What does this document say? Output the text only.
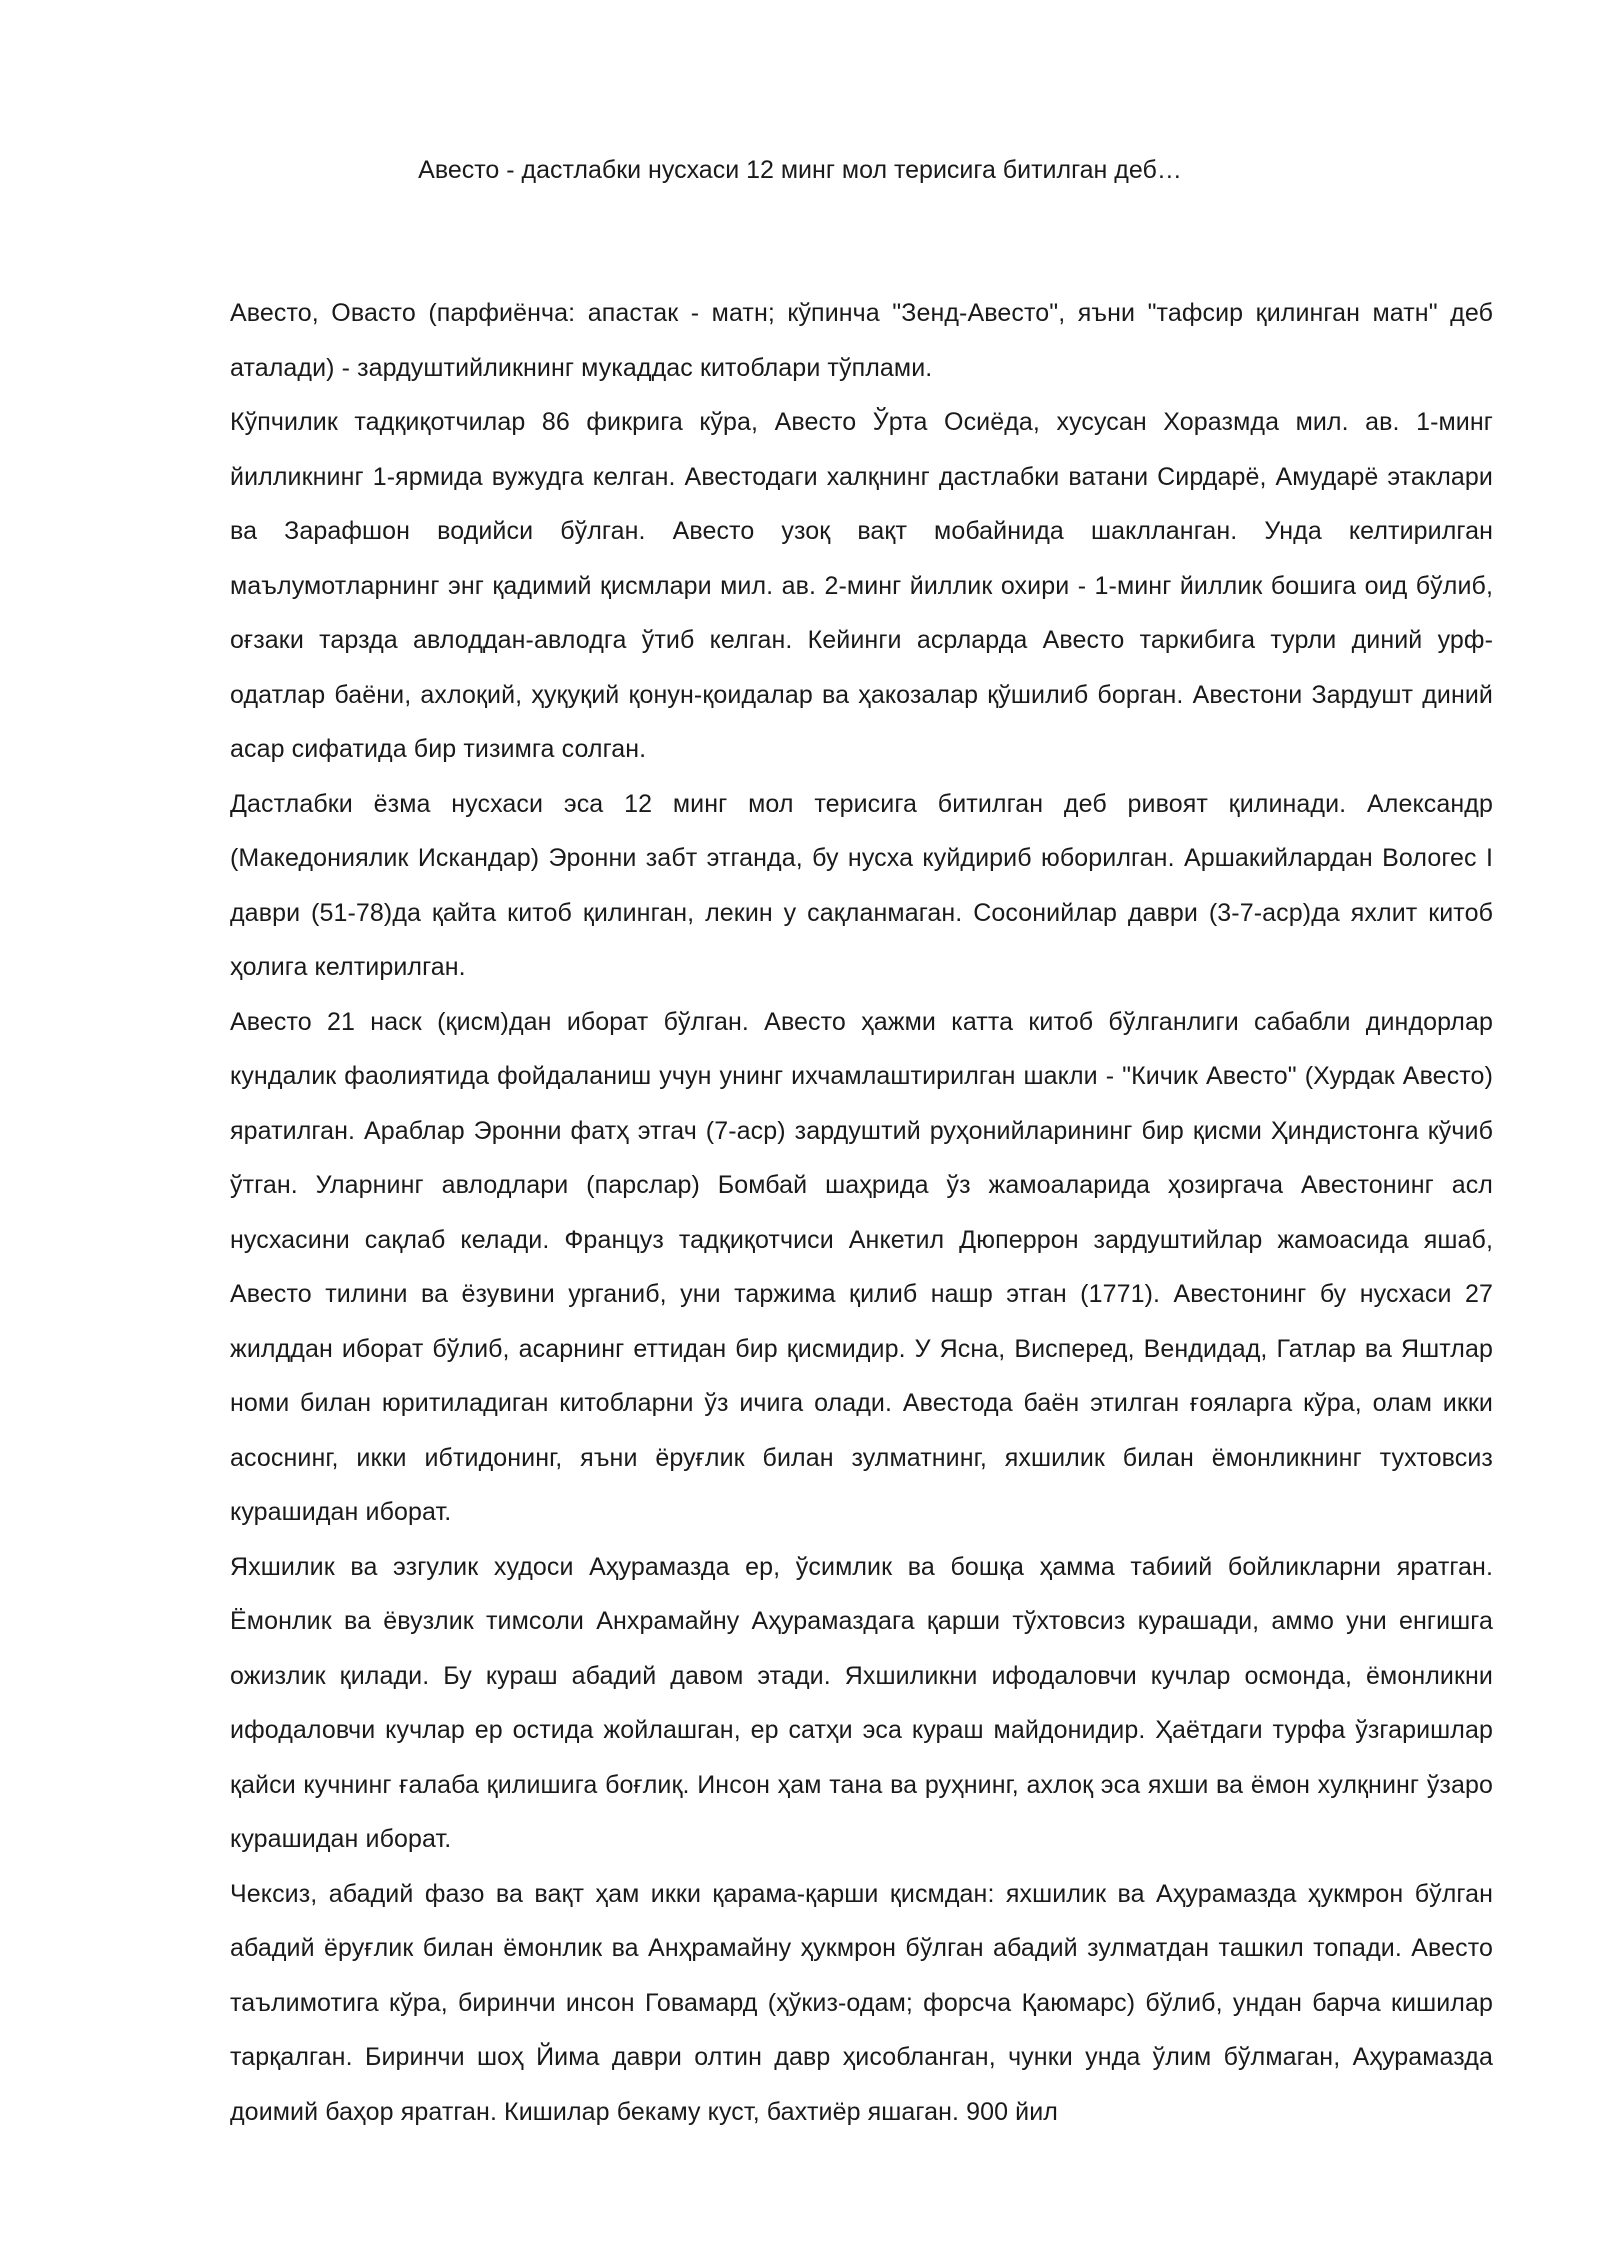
Авесто - дастлабки нусхаси 12 минг мол терисига битилган деб…

Авесто, Оваcто (парфиёнча: апастак - матн; кўпинча "Зенд-Авесто", яъни "тафсир қилинган матн" деб аталади) - зардуштийликнинг мукаддас китоблари тўплами.

Кўпчилик тадқиқотчилар 86 фикрига кўра, Авесто Ўрта Осиёда, хусусан Хоразмда мил. ав. 1-минг йилликнинг 1-ярмида вужудга келган. Авестодаги халқнинг дастлабки ватани Сирдарё, Амударё этаклари ва Зарафшон водийси бўлган. Авесто узоқ вақт мобайнида шаклланган. Унда келтирилган маълумотларнинг энг қадимий қисмлари мил. ав. 2-минг йиллик охири - 1-минг йиллик бошига оид бўлиб, оғзаки тарзда авлоддан-авлодга ўтиб келган. Кейинги асрларда Авесто таркибига турли диний урф-одатлар баёни, ахлоқий, ҳуқуқий қонун-қоидалар ва ҳакозалар қўшилиб борган. Авестони Зардушт диний асар сифатида бир тизимга солган.

Дастлабки ёзма нусхаси эса 12 минг мол терисига битилган деб ривоят қилинади. Александр (Македониялик Искандар) Эронни забт этганда, бу нусха куйдириб юборилган. Аршакийлардан Вологес I даври (51-78)да қайта китоб қилинган, лекин у сақланмаган. Сосонийлар даври (3-7-аср)да яхлит китоб ҳолига келтирилган.

Авесто 21 наск (қисм)дан иборат бўлган. Авесто ҳажми катта китоб бўлганлиги сабабли диндорлар кундалик фаолиятида фойдаланиш учун унинг ихчамлаштирилган шакли - "Кичик Авесто" (Хурдак Авесто) яратилган. Араблар Эронни фатҳ этгач (7-аср) зардуштий руҳонийларининг бир қисми Ҳиндистонга кўчиб ўтган. Уларнинг авлодлари (парслар) Бомбай шаҳрида ўз жамоаларида ҳозиргача Авестонинг асл нусхасини сақлаб келади. Француз тадқиқотчиси Анкетил Дюперрон зардуштийлар жамоасида яшаб, Авесто тилини ва ёзувини урганиб, уни таржима қилиб нашр этган (1771). Авестонинг бу нусхаси 27 жилддан иборат бўлиб, асарнинг еттидан бир қисмидир. У Ясна, Висперед, Вендидад, Гатлар ва Яштлар номи билан юритиладиган китобларни ўз ичига олади. Авестода баён этилган ғояларга кўра, олам икки асоснинг, икки ибтидонинг, яъни ёруғлик билан зулматнинг, яхшилик билан ёмонликнинг тухтовсиз курашидан иборат.

Яхшилик ва эзгулик худоси Аҳурамазда ер, ўсимлик ва бошқа ҳамма табиий бойликларни яратган. Ёмонлик ва ёвузлик тимсоли Анхрамайну Аҳурамаздага қарши тўхтовсиз курашади, аммо уни енгишга ожизлик қилади. Бу кураш абадий давом этади. Яхшиликни ифодаловчи кучлар осмонда, ёмонликни ифодаловчи кучлар ер остида жойлашган, ер сатҳи эса кураш майдонидир. Ҳаётдаги турфа ўзгаришлар қайси кучнинг ғалаба қилишига боғлиқ. Инсон ҳам тана ва руҳнинг, ахлоқ эса яхши ва ёмон хулқнинг ўзаро курашидан иборат.

Чексиз, абадий фазо ва вақт ҳам икки қарама-қарши қисмдан: яхшилик ва Аҳурамазда ҳукмрон бўлган абадий ёруғлик билан ёмонлик ва Анҳрамайну ҳукмрон бўлган абадий зулматдан ташкил топади. Авесто таълимотига кўра, биринчи инсон Говамард (ҳўкиз-одам; форсча Қаюмарс) бўлиб, ундан барча кишилар тарқалган. Биринчи шоҳ Йима даври олтин давр ҳисобланган, чунки унда ўлим бўлмаган, Аҳурамазда доимий баҳор яратган. Кишилар бекаму куст, бахтиёр яшаган. 900 йил
